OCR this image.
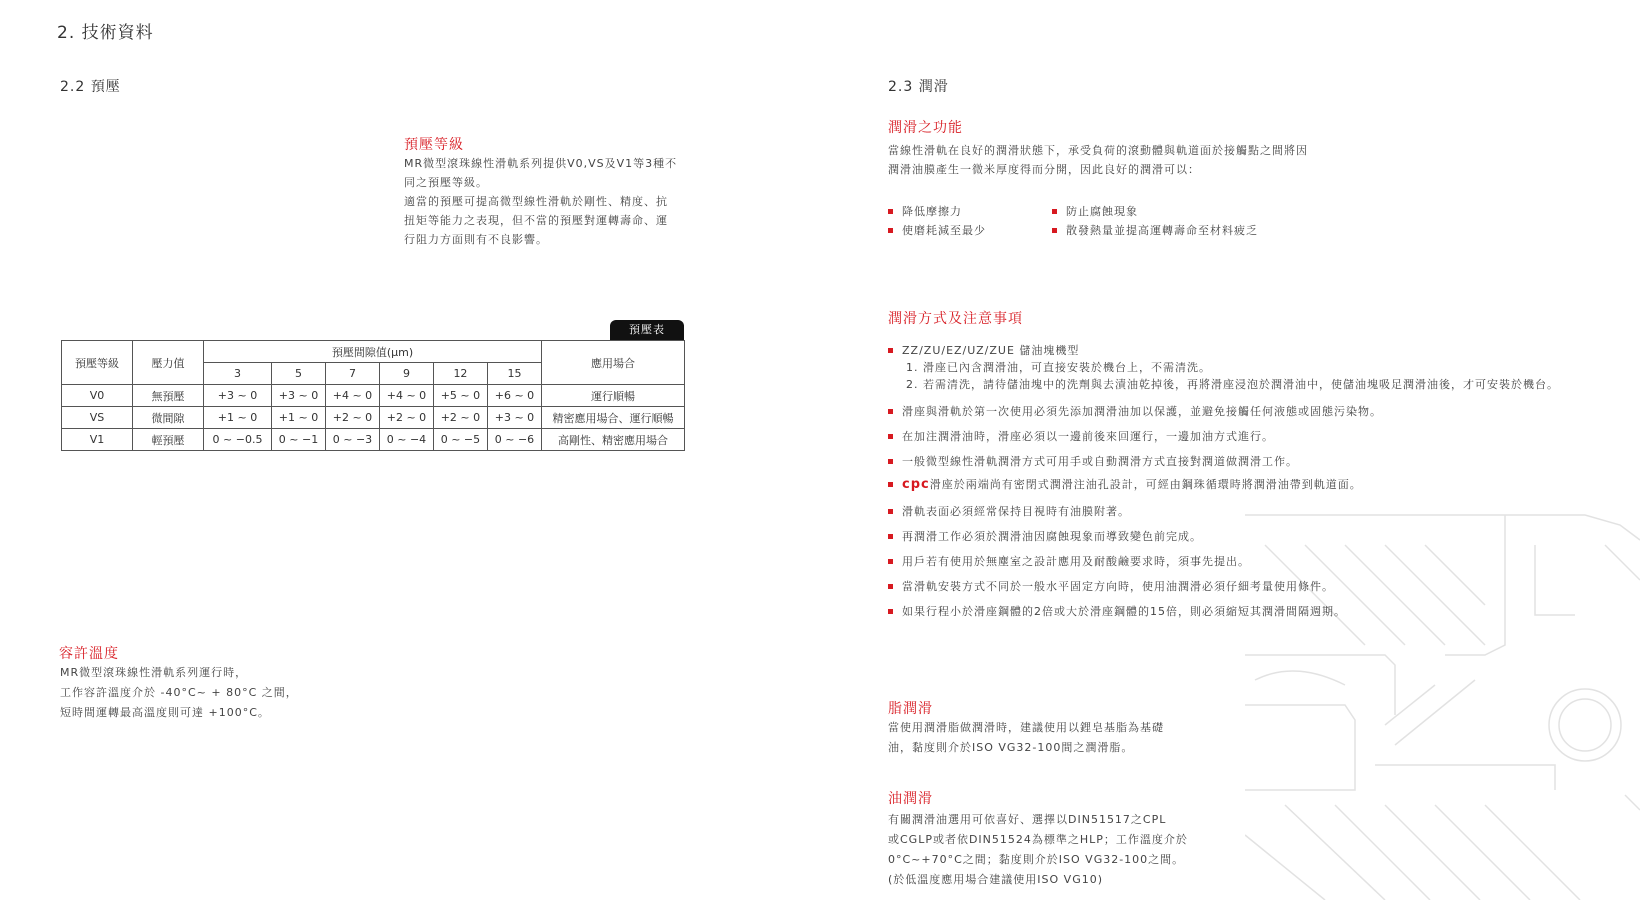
2. 技術資料
2.2 預壓
預壓等級
MR微型滾珠線性滑軌系列提供V0,VS及V1等3種不
同之預壓等級。
適當的預壓可提高微型線性滑軌於剛性、精度、抗
扭矩等能力之表現，但不當的預壓對運轉壽命、運
行阻力方面則有不良影響。
預壓表
預壓等級	壓力值	預壓間隙值(μm)						應用場合
		3	5	7	9	12	15	
V0	無預壓	+3 ~ 0	+3 ~ 0	+4 ~ 0	+4 ~ 0	+5 ~ 0	+6 ~ 0	運行順暢
VS	微間隙	+1 ~ 0	+1 ~ 0	+2 ~ 0	+2 ~ 0	+2 ~ 0	+3 ~ 0	精密應用場合、運行順暢
V1	輕預壓	0 ~ −0.5	0 ~ −1	0 ~ −3	0 ~ −4	0 ~ −5	0 ~ −6	高剛性、精密應用場合
容許溫度
MR微型滾珠線性滑軌系列運行時，
工作容許溫度介於 -40°C~ + 80°C 之間，
短時間運轉最高溫度則可達 +100°C。
2.3 潤滑
潤滑之功能
當線性滑軌在良好的潤滑狀態下，承受負荷的滾動體與軌道面於接觸點之間將因
潤滑油膜產生一微米厚度得而分開，因此良好的潤滑可以：
降低摩擦力	防止腐蝕現象
使磨耗減至最少	散發熱量並提高運轉壽命至材料疲乏
潤滑方式及注意事項
ZZ/ZU/EZ/UZ/ZUE 儲油塊機型
1. 滑座已內含潤滑油，可直接安裝於機台上，不需清洗。
2. 若需清洗，請待儲油塊中的洗劑與去漬油乾掉後，再將滑座浸泡於潤滑油中，使儲油塊吸足潤滑油後，才可安裝於機台。
滑座與滑軌於第一次使用必須先添加潤滑油加以保護，並避免接觸任何液態或固態污染物。
在加注潤滑油時，滑座必須以一邊前後來回運行，一邊加油方式進行。
一般微型線性滑軌潤滑方式可用手或自動潤滑方式直接對潤道做潤滑工作。
cpc滑座於兩端尚有密閉式潤滑注油孔設計，可經由鋼珠循環時將潤滑油帶到軌道面。
滑軌表面必須經常保持目視時有油膜附著。
再潤滑工作必須於潤滑油因腐蝕現象而導致變色前完成。
用戶若有使用於無塵室之設計應用及耐酸鹼要求時，須事先提出。
當滑軌安裝方式不同於一般水平固定方向時，使用油潤滑必須仔細考量使用條件。
如果行程小於滑座鋼體的2倍或大於滑座鋼體的15倍，則必須縮短其潤滑間隔週期。
脂潤滑
當使用潤滑脂做潤滑時，建議使用以鋰皂基脂為基礎
油，黏度則介於ISO VG32-100間之潤滑脂。
油潤滑
有關潤滑油選用可依喜好、選擇以DIN51517之CPL
或CGLP或者依DIN51524為標準之HLP；工作溫度介於
0°C~+70°C之間；黏度則介於ISO VG32-100之間。
(於低溫度應用場合建議使用ISO VG10)
